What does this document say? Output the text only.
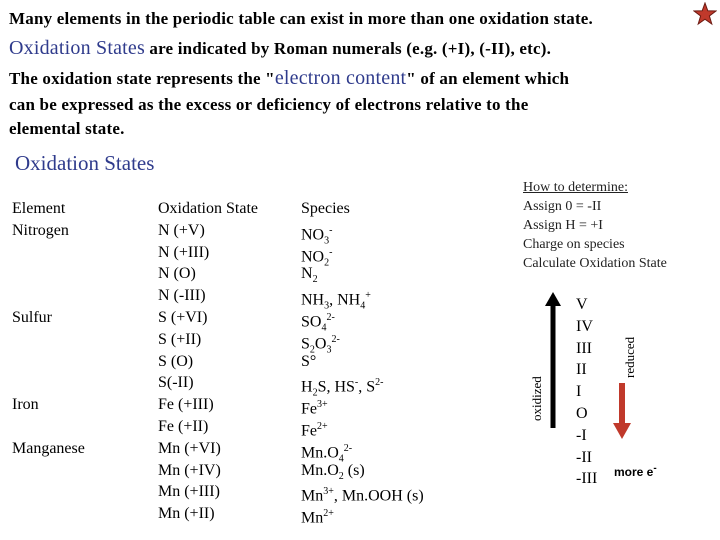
Many elements in the periodic table can exist in more than one oxidation state.
Oxidation States are indicated by Roman numerals (e.g. (+I), (-II), etc).
The oxidation state represents the "electron content" of an element which
can be expressed as the excess or deficiency of electrons relative to the
elemental state.
Oxidation States
Element
Nitrogen
Sulfur
Iron
Manganese
Oxidation State
N (+V)
N (+III)
N (O)
N (-III)
S (+VI)
S (+II)
S (O)
S(-II)
Fe (+III)
Fe (+II)
Mn (+VI)
Mn (+IV)
Mn (+III)
Mn (+II)
Species
$NO_3^-$
$NO_2^-$
$N_2$
$NH_3$, $NH_4^+$
$SO_4^{2-}$
$S_2O_3^{2-}$
S°
$H_2S$, HS-, $S^{2-}$
$Fe^{3+}$
$Fe^{2+}$
$Mn.O_4^{2-}$
$Mn.O_2$ (s)
$Mn^{3+}$, Mn.OOH (s)
$Mn^{2+}$
How to determine:
Assign 0 = -II
Assign H = +I
Charge on species
Calculate Oxidation State
oxidized
V
IV
III
II
I
O
-I
-II
-III
reduced
more e-
